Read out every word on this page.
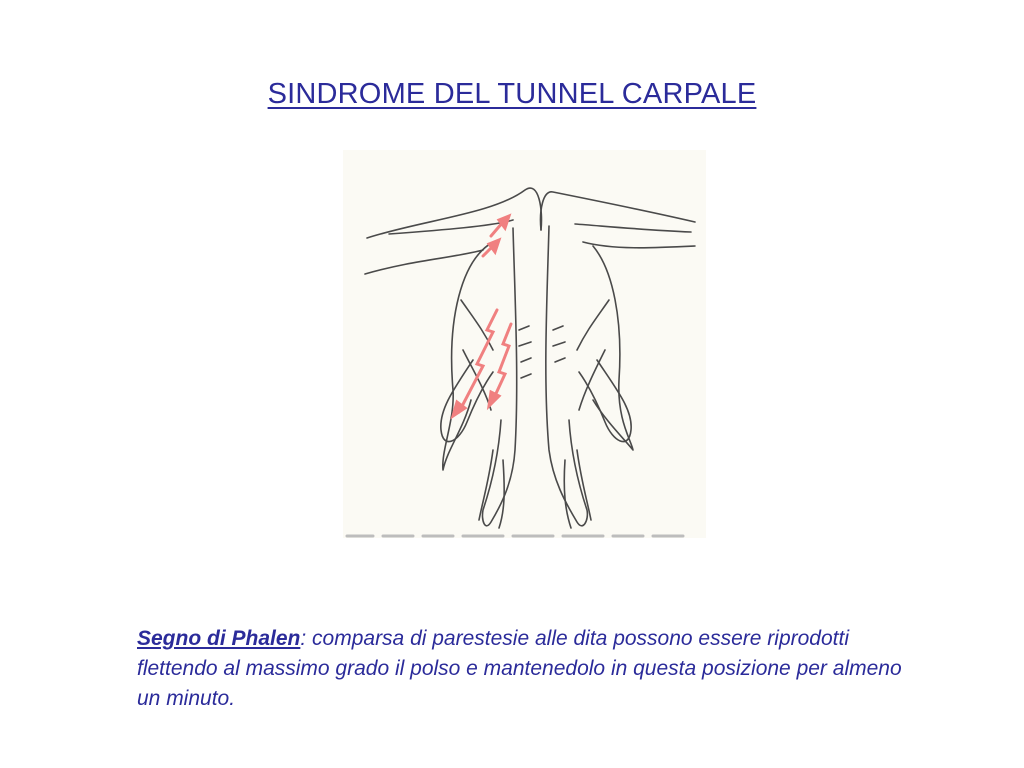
SINDROME DEL TUNNEL CARPALE
Segno di Phalen: comparsa di parestesie alle dita possono essere riprodotti flettendo al massimo grado il polso e mantenedolo in questa posizione per almeno un minuto.
